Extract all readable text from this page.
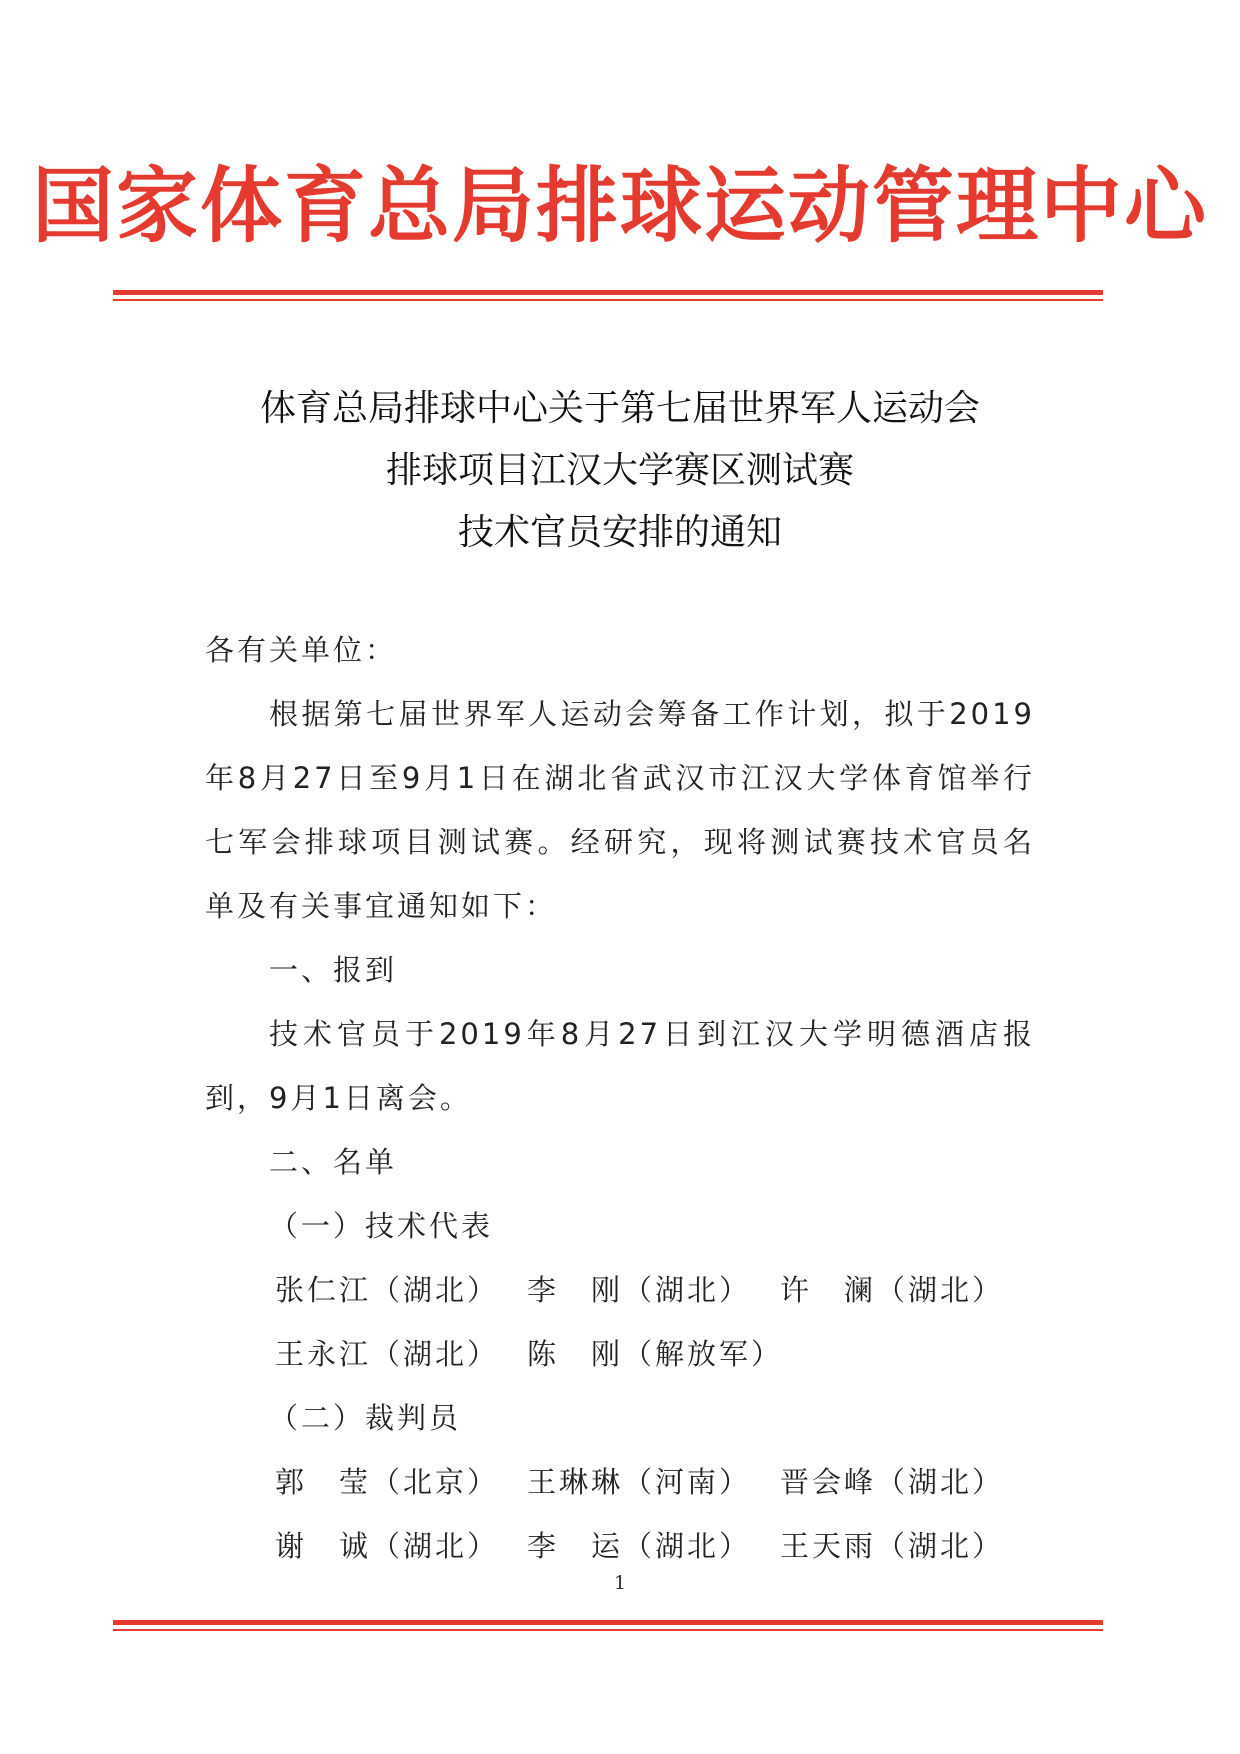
国家体育总局排球运动管理中心
体育总局排球中心关于第七届世界军人运动会
排球项目江汉大学赛区测试赛
技术官员安排的通知
各有关单位：
根据第七届世界军人运动会筹备工作计划，拟于2019年8月27日至9月1日在湖北省武汉市江汉大学体育馆举行七军会排球项目测试赛。经研究，现将测试赛技术官员名单及有关事宜通知如下：
一、报到
技术官员于2019年8月27日到江汉大学明德酒店报到，9月1日离会。
二、名单
（一）技术代表
张仁江（湖北） 李　刚（湖北） 许　澜（湖北）
王永江（湖北） 陈　刚（解放军）
（二）裁判员
郭　莹（北京） 王琳琳（河南） 晋会峰（湖北）
谢　诚（湖北） 李　运（湖北） 王天雨（湖北）
1
